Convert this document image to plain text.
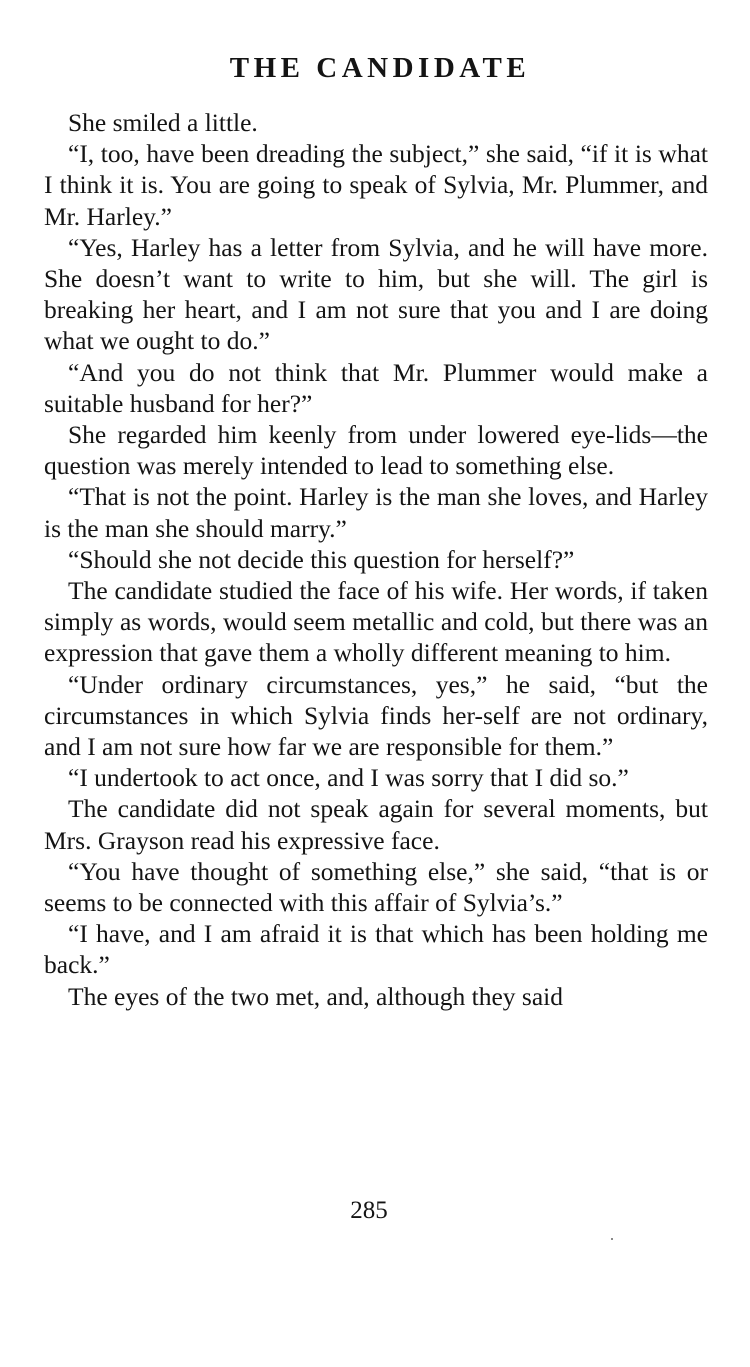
THE CANDIDATE

She smiled a little.

“I, too, have been dreading the subject,” she said, “if it is what I think it is. You are going to speak of Sylvia, Mr. Plummer, and Mr. Harley.”

“Yes, Harley has a letter from Sylvia, and he will have more. She doesn’t want to write to him, but she will. The girl is breaking her heart, and I am not sure that you and I are doing what we ought to do.”

“And you do not think that Mr. Plummer would make a suitable husband for her?”

She regarded him keenly from under lowered eye-lids—the question was merely intended to lead to something else.

“That is not the point. Harley is the man she loves, and Harley is the man she should marry.”

“Should she not decide this question for herself?”

The candidate studied the face of his wife. Her words, if taken simply as words, would seem metallic and cold, but there was an expression that gave them a wholly different meaning to him.

“Under ordinary circumstances, yes,” he said, “but the circumstances in which Sylvia finds her-self are not ordinary, and I am not sure how far we are responsible for them.”

“I undertook to act once, and I was sorry that I did so.”

The candidate did not speak again for several moments, but Mrs. Grayson read his expressive face.

“You have thought of something else,” she said, “that is or seems to be connected with this affair of Sylvia’s.”

“I have, and I am afraid it is that which has been holding me back.”

The eyes of the two met, and, although they said

285
